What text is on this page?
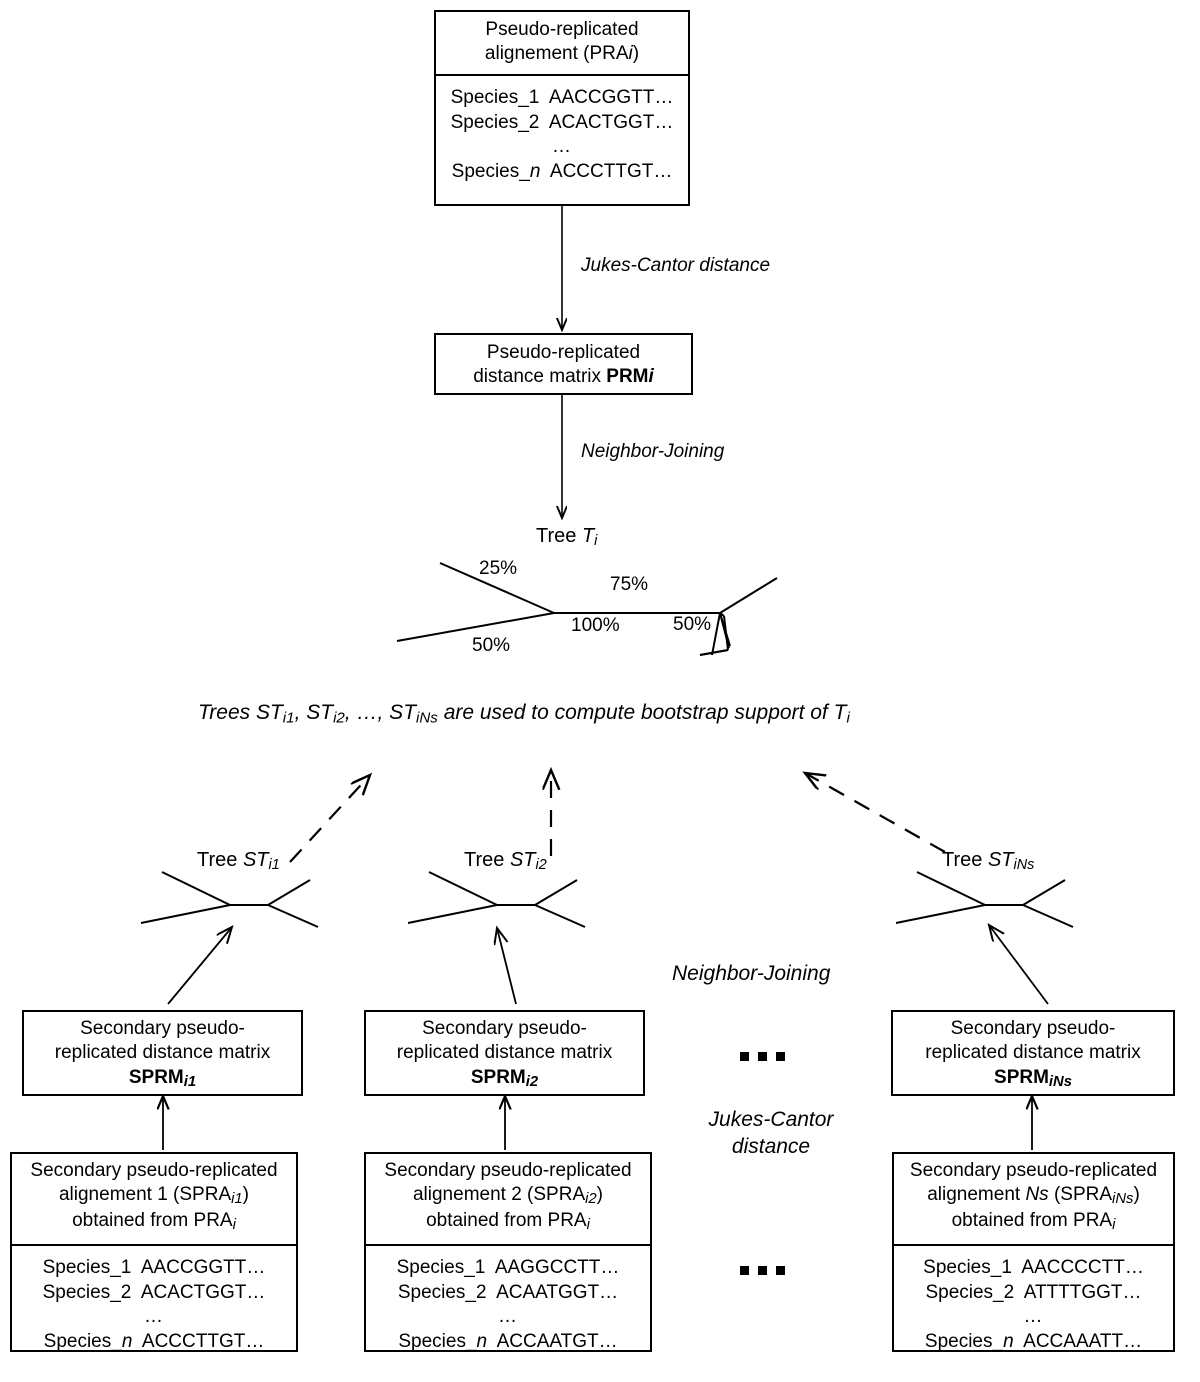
Pseudo-replicated
alignement (PRAi)
Species_1  AACCGGTT…
Species_2  ACACTGGT…
…
Species_n  ACCCTTGT…
Jukes-Cantor distance
Pseudo-replicated
distance matrix PRMi
Neighbor-Joining
Tree Ti
25%
50%
100%
75%
50%
Trees $ST_{i1}$, $ST_{i2}$, …, $ST_{iNs}$ are used to compute bootstrap support of $T_i$
Tree STi1	Tree STi2	Tree STiNs
Neighbor-Joining
Jukes-Cantor
distance
Secondary pseudo-
replicated distance matrix
SPRMi1
Secondary pseudo-
replicated distance matrix
SPRMi2
Secondary pseudo-
replicated distance matrix
SPRMiNs
Secondary pseudo-replicated
alignement 1 (SPRAi1)
obtained from PRAi
Species_1  AACCGGTT…
Species_2  ACACTGGT…
…
Species_n  ACCCTTGT…
Secondary pseudo-replicated
alignement 2 (SPRAi2)
obtained from PRAi
Species_1  AAGGCCTT…
Species_2  ACAATGGT…
…
Species_n  ACCAATGT…
Secondary pseudo-replicated
alignement Ns (SPRAiNs)
obtained from PRAi
Species_1  AACCCCTT…
Species_2  ATTTTGGT…
…
Species_n  ACCAAATT…
